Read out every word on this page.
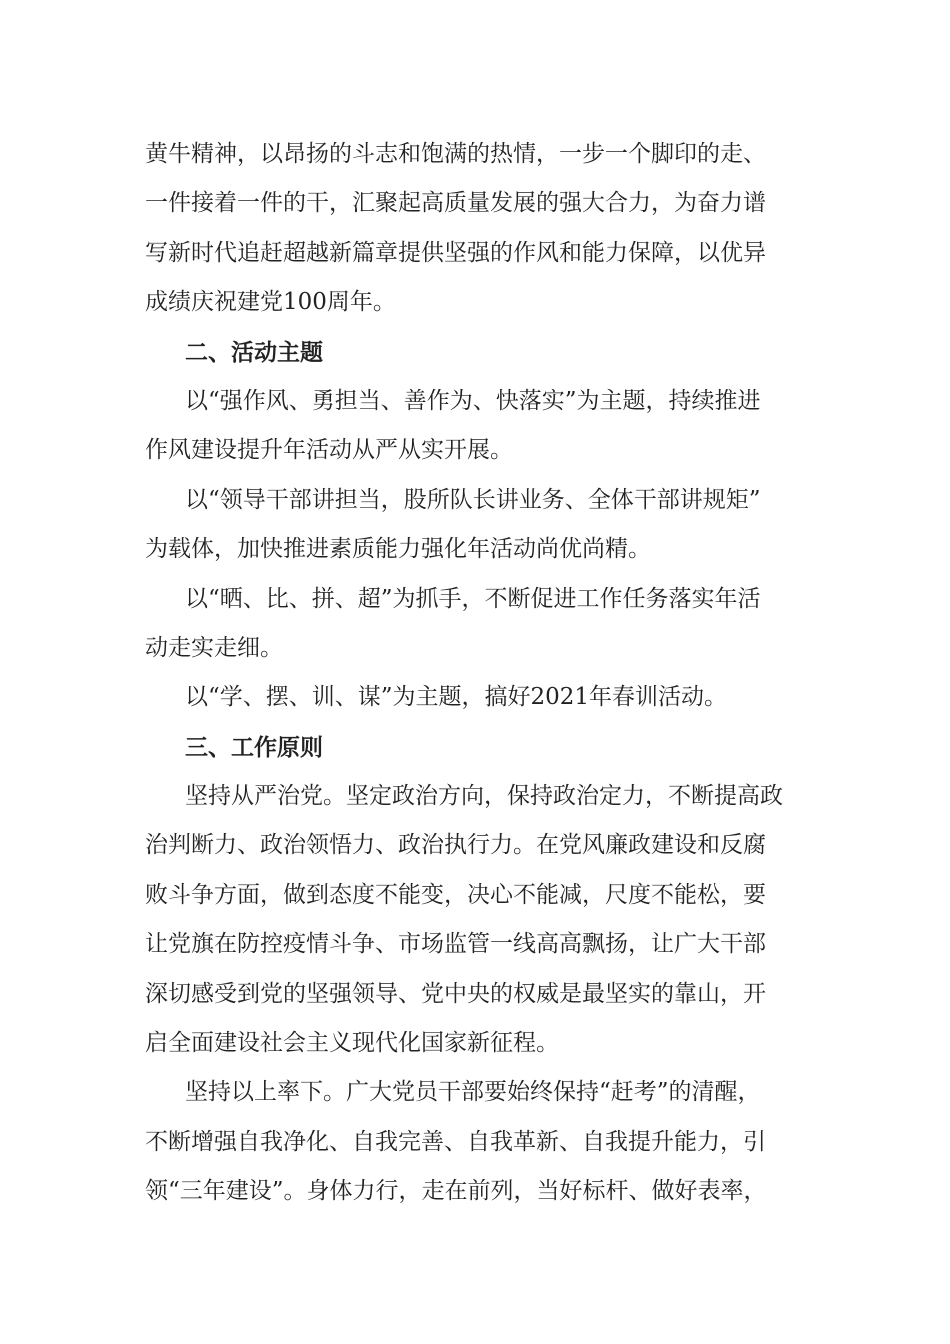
黄牛精神，以昂扬的斗志和饱满的热情，一步一个脚印的走、
一件接着一件的干，汇聚起高质量发展的强大合力，为奋力谱
写新时代追赶超越新篇章提供坚强的作风和能力保障，以优异
成绩庆祝建党100周年。
二、活动主题
以“强作风、勇担当、善作为、快落实”为主题，持续推进
作风建设提升年活动从严从实开展。
以“领导干部讲担当，股所队长讲业务、全体干部讲规矩”
为载体，加快推进素质能力强化年活动尚优尚精。
以“晒、比、拼、超”为抓手，不断促进工作任务落实年活
动走实走细。
以“学、摆、训、谋”为主题，搞好2021年春训活动。
三、工作原则
坚持从严治党。坚定政治方向，保持政治定力，不断提高政
治判断力、政治领悟力、政治执行力。在党风廉政建设和反腐
败斗争方面，做到态度不能变，决心不能减，尺度不能松，要
让党旗在防控疫情斗争、市场监管一线高高飘扬，让广大干部
深切感受到党的坚强领导、党中央的权威是最坚实的靠山，开
启全面建设社会主义现代化国家新征程。
坚持以上率下。广大党员干部要始终保持“赶考”的清醒，
不断增强自我净化、自我完善、自我革新、自我提升能力，引
领“三年建设”。身体力行，走在前列，当好标杆、做好表率，
